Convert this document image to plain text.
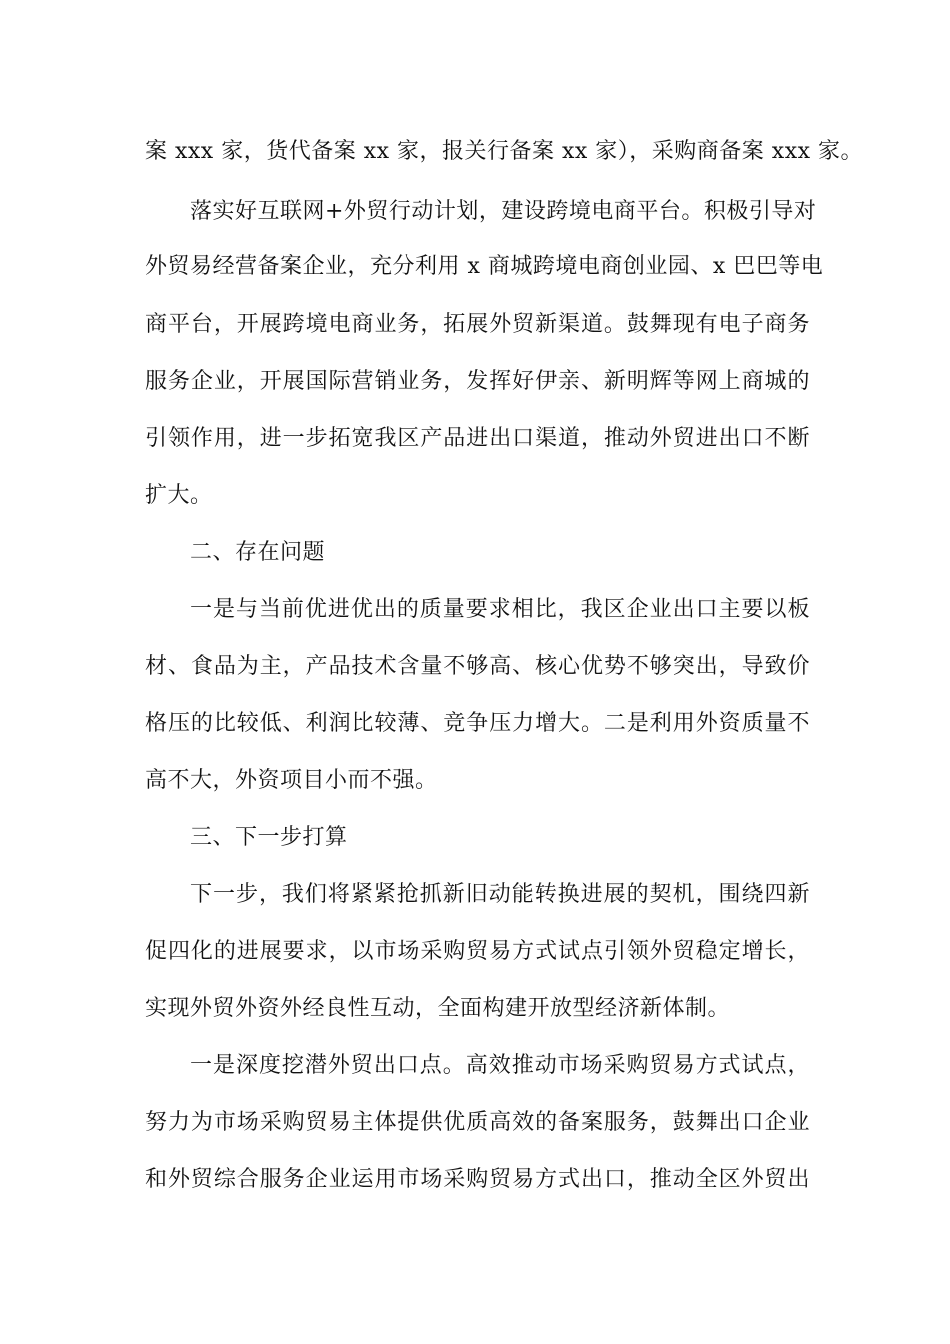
案 xxx 家，货代备案 xx 家，报关行备案 xx 家），采购商备案 xxx 家。
落实好互联网+外贸行动计划，建设跨境电商平台。积极引导对
外贸易经营备案企业，充分利用 x 商城跨境电商创业园、x 巴巴等电
商平台，开展跨境电商业务，拓展外贸新渠道。鼓舞现有电子商务
服务企业，开展国际营销业务，发挥好伊亲、新明辉等网上商城的
引领作用，进一步拓宽我区产品进出口渠道，推动外贸进出口不断
扩大。
二、存在问题
一是与当前优进优出的质量要求相比，我区企业出口主要以板
材、食品为主，产品技术含量不够高、核心优势不够突出，导致价
格压的比较低、利润比较薄、竞争压力增大。二是利用外资质量不
高不大，外资项目小而不强。
三、下一步打算
下一步，我们将紧紧抢抓新旧动能转换进展的契机，围绕四新
促四化的进展要求，以市场采购贸易方式试点引领外贸稳定增长，
实现外贸外资外经良性互动，全面构建开放型经济新体制。
一是深度挖潜外贸出口点。高效推动市场采购贸易方式试点，
努力为市场采购贸易主体提供优质高效的备案服务，鼓舞出口企业
和外贸综合服务企业运用市场采购贸易方式出口，推动全区外贸出
